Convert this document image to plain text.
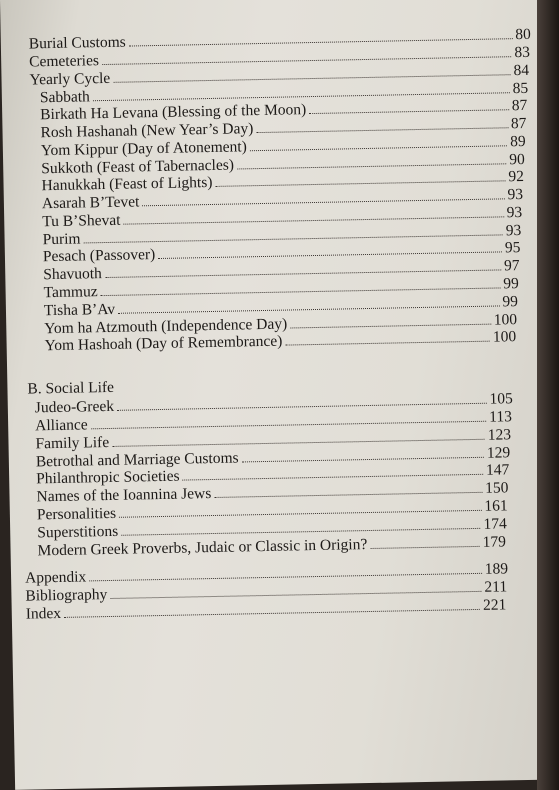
Burial Customs	80
Cemeteries	83
Yearly Cycle	84
Sabbath	85
Birkath Ha Levana (Blessing of the Moon)	87
Rosh Hashanah (New Year’s Day)	87
Yom Kippur (Day of Atonement)	89
Sukkoth (Feast of Tabernacles)	90
Hanukkah (Feast of Lights)	92
Asarah B’Tevet	93
Tu B’Shevat	93
Purim	93
Pesach (Passover)	95
Shavuoth	97
Tammuz	99
Tisha B’Av	99
Yom ha Atzmouth (Independence Day)	100
Yom Hashoah (Day of Remembrance)	100
B. Social Life
Judeo-Greek	105
Alliance	113
Family Life	123
Betrothal and Marriage Customs	129
Philanthropic Societies	147
Names of the Ioannina Jews	150
Personalities	161
Superstitions	174
Modern Greek Proverbs, Judaic or Classic in Origin?	179
Appendix	189
Bibliography	211
Index	221
